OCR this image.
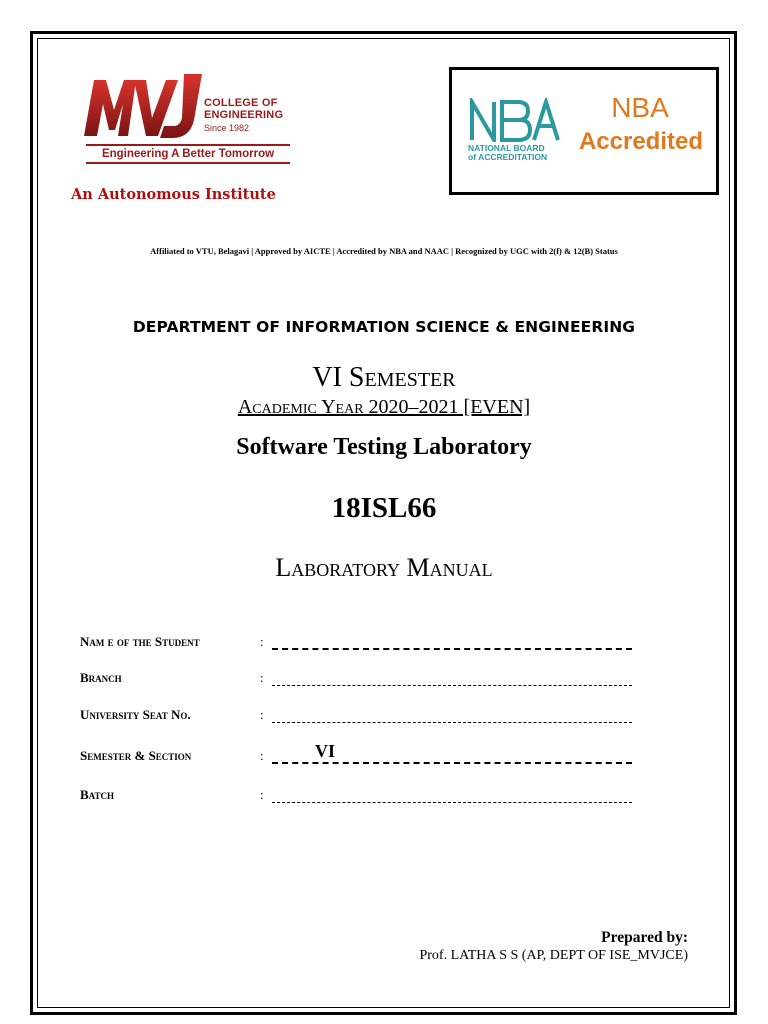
COLLEGE OF
ENGINEERING
Since 1982
Engineering A Better Tomorrow
An Autonomous Institute
NATIONAL BOARD
of ACCREDITATION
NBA
Accredited
Affiliated to VTU, Belagavi | Approved by AICTE | Accredited by NBA and NAAC | Recognized by UGC with 2(f) & 12(B) Status
DEPARTMENT OF INFORMATION SCIENCE & ENGINEERING
VI Semester
Academic Year 2020–2021 [EVEN]
Software Testing Laboratory
18ISL66
Laboratory Manual
Nam e of the Student	:
Branch	:
University Seat No.	:
Semester & Section	:	VI
Batch	:
Prepared by:
Prof. LATHA S S (AP, DEPT OF ISE_MVJCE)
